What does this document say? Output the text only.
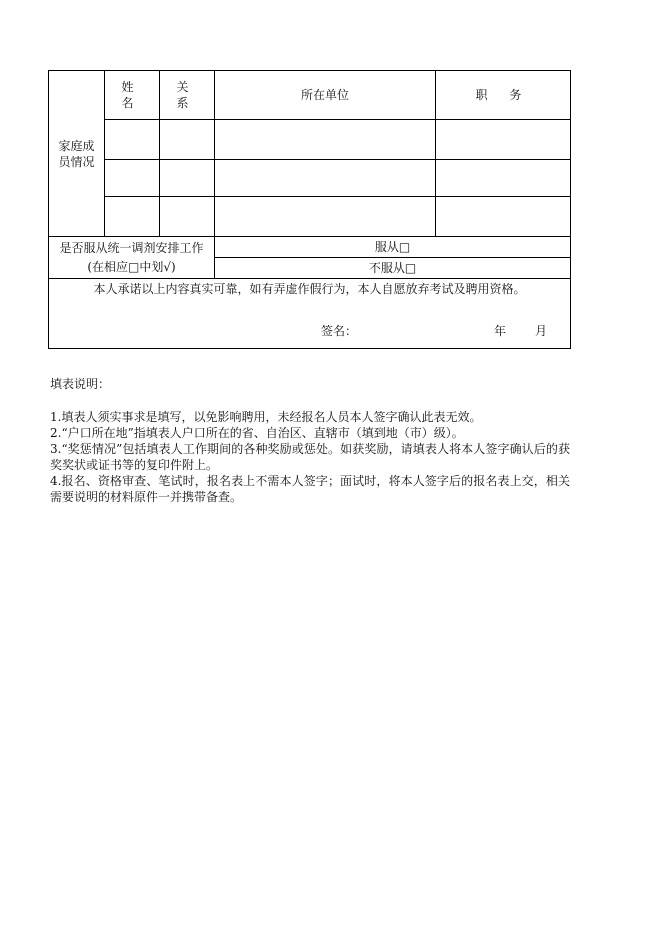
家庭成员情况	姓 名	关 系	所在单位	职 务

是否服从统一调剂安排工作
(在相应□中划√)			服从□	
			不服从□	

本人承诺以上内容真实可靠，如有弄虚作假行为，本人自愿放弃考试及聘用资格。
签名： 年 月				
填表说明：
1.填表人须实事求是填写，以免影响聘用，未经报名人员本人签字确认此表无效。
2.“户口所在地”指填表人户口所在的省、自治区、直辖市（填到地（市）级）。
3.“奖惩情况”包括填表人工作期间的各种奖励或惩处。如获奖励，请填表人将本人签字确认后的获奖奖状或证书等的复印件附上。
4.报名、资格审查、笔试时，报名表上不需本人签字；面试时，将本人签字后的报名表上交，相关需要说明的材料原件一并携带备查。
